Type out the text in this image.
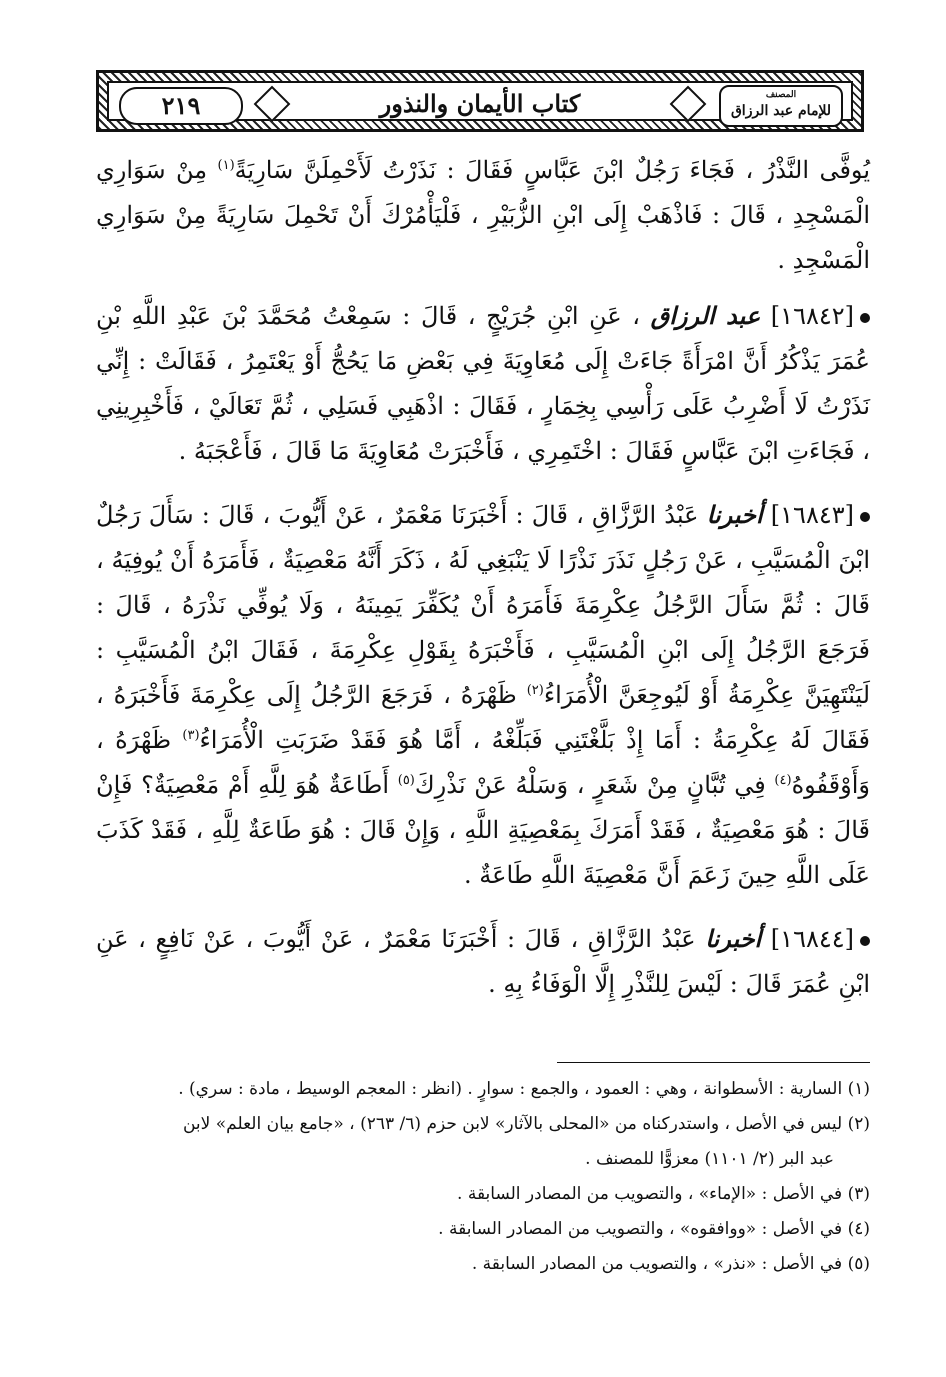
٢١٩	كتاب الأيمان والنذور	المصنف
للإمام عبد الرزاق

يُوفَّى النَّذْرُ ، فَجَاءَ رَجُلٌ ابْنَ عَبَّاسٍ فَقَالَ : نَذَرْتُ لَأَحْمِلَنَّ سَارِيَةً$^{(١)}$ مِنْ سَوَارِي الْمَسْجِدِ ، قَالَ : فَاذْهَبْ إِلَى ابْنِ الزُّبَيْرِ ، فَلْيَأْمُرْكَ أَنْ تَحْمِلَ سَارِيَةً مِنْ سَوَارِي الْمَسْجِدِ .

[١٦٨٤٢] عبد الرزاق ، عَنِ ابْنِ جُرَيْجٍ ، قَالَ : سَمِعْتُ مُحَمَّدَ بْنَ عَبْدِ اللَّهِ بْنِ عُمَرَ يَذْكُرُ أَنَّ امْرَأَةً جَاءَتْ إِلَى مُعَاوِيَةَ فِي بَعْضِ مَا يَحُجُّ أَوْ يَعْتَمِرُ ، فَقَالَتْ : إِنِّي نَذَرْتُ لَا أَضْرِبُ عَلَى رَأْسِي بِخِمَارٍ ، فَقَالَ : اذْهَبِي فَسَلِي ، ثُمَّ تَعَالَيْ ، فَأَخْبِرِينِي ، فَجَاءَتِ ابْنَ عَبَّاسٍ فَقَالَ : اخْتَمِرِي ، فَأَخْبَرَتْ مُعَاوِيَةَ مَا قَالَ ، فَأَعْجَبَهُ .

[١٦٨٤٣] أخبرنا عَبْدُ الرَّزَّاقِ ، قَالَ : أَخْبَرَنَا مَعْمَرٌ ، عَنْ أَيُّوبَ ، قَالَ : سَأَلَ رَجُلٌ ابْنَ الْمُسَيَّبِ ، عَنْ رَجُلٍ نَذَرَ نَذْرًا لَا يَنْبَغِي لَهُ ، ذَكَرَ أَنَّهُ مَعْصِيَةٌ ، فَأَمَرَهُ أَنْ يُوفِيَهُ ، قَالَ : ثُمَّ سَأَلَ الرَّجُلُ عِكْرِمَةَ فَأَمَرَهُ أَنْ يُكَفِّرَ يَمِينَهُ ، وَلَا يُوفِّي نَذْرَهُ ، قَالَ : فَرَجَعَ الرَّجُلُ إِلَى ابْنِ الْمُسَيَّبِ ، فَأَخْبَرَهُ بِقَوْلِ عِكْرِمَةَ ، فَقَالَ ابْنُ الْمُسَيَّبِ : لَيَنْتَهِيَنَّ عِكْرِمَةُ أَوْ لَيُوجِعَنَّ الْأُمَرَاءُ$^{(٢)}$ ظَهْرَهُ ، فَرَجَعَ الرَّجُلُ إِلَى عِكْرِمَةَ فَأَخْبَرَهُ ، فَقَالَ لَهُ عِكْرِمَةُ : أَمَا إِذْ بَلَّغْتَنِي فَبَلِّغْهُ ، أَمَّا هُوَ فَقَدْ ضَرَبَتِ الْأُمَرَاءُ$^{(٣)}$ ظَهْرَهُ ، وَأَوْقَفُوهُ$^{(٤)}$ فِي تُبَّانٍ مِنْ شَعَرٍ ، وَسَلْهُ عَنْ نَذْرِكَ$^{(٥)}$ أَطَاعَةٌ هُوَ لِلَّهِ أَمْ مَعْصِيَةٌ؟ فَإِنْ قَالَ : هُوَ مَعْصِيَةٌ ، فَقَدْ أَمَرَكَ بِمَعْصِيَةِ اللَّهِ ، وَإِنْ قَالَ : هُوَ طَاعَةٌ لِلَّهِ ، فَقَدْ كَذَبَ عَلَى اللَّهِ حِينَ زَعَمَ أَنَّ مَعْصِيَةَ اللَّهِ طَاعَةٌ .

[١٦٨٤٤] أخبرنا عَبْدُ الرَّزَّاقِ ، قَالَ : أَخْبَرَنَا مَعْمَرٌ ، عَنْ أَيُّوبَ ، عَنْ نَافِعٍ ، عَنِ ابْنِ عُمَرَ قَالَ : لَيْسَ لِلنَّذْرِ إِلَّا الْوَفَاءُ بِهِ .

(١) السارية : الأسطوانة ، وهي : العمود ، والجمع : سوارٍ . (انظر : المعجم الوسيط ، مادة : سري) .

(٢) ليس في الأصل ، واستدركناه من «المحلى بالآثار» لابن حزم (٦/ ٢٦٣) ، «جامع بيان العلم» لابن

عبد البر (٢/ ١١٠١) معزوًّا للمصنف .

(٣) في الأصل : «الإماء» ، والتصويب من المصادر السابقة .

(٤) في الأصل : «ووافقوه» ، والتصويب من المصادر السابقة .

(٥) في الأصل : «نذر» ، والتصويب من المصادر السابقة .
